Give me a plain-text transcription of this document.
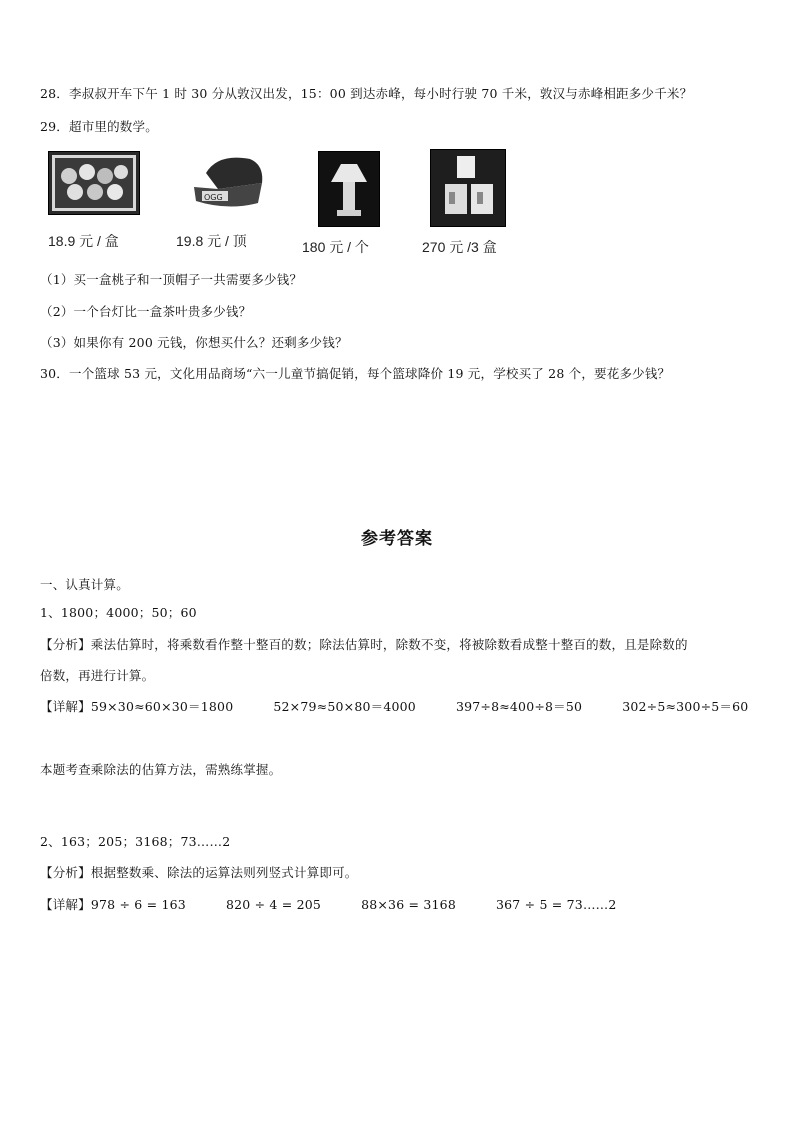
28．李叔叔开车下午 1 时 30 分从敦汉出发，15：00 到达赤峰，每小时行驶 70 千米，敦汉与赤峰相距多少千米？
29．超市里的数学。
18.9 元 / 盒
OGG
19.8 元 / 顶	180 元 / 个	270 元 /3 盒
（1）买一盒桃子和一顶帽子一共需要多少钱？
（2）一个台灯比一盒茶叶贵多少钱？
（3）如果你有 200 元钱，你想买什么？还剩多少钱？
30．一个篮球 53 元，文化用品商场“六一儿童节搞促销，每个篮球降价 19 元，学校买了 28 个，要花多少钱？
参考答案
一、认真计算。
1、1800；4000；50；60
【分析】乘法估算时，将乘数看作整十整百的数；除法估算时，除数不变，将被除数看成整十整百的数，且是除数的
倍数，再进行计算。
【详解】59×30≈60×30＝1800	52×79≈50×80＝4000	397÷8≈400÷8＝50	302÷5≈300÷5＝60
本题考查乘除法的估算方法，需熟练掌握。
2、163；205；3168；73……2
【分析】根据整数乘、除法的运算法则列竖式计算即可。
【详解】978 ÷ 6 = 163	820 ÷ 4 = 205	88×36 = 3168	367 ÷ 5 = 73……2
